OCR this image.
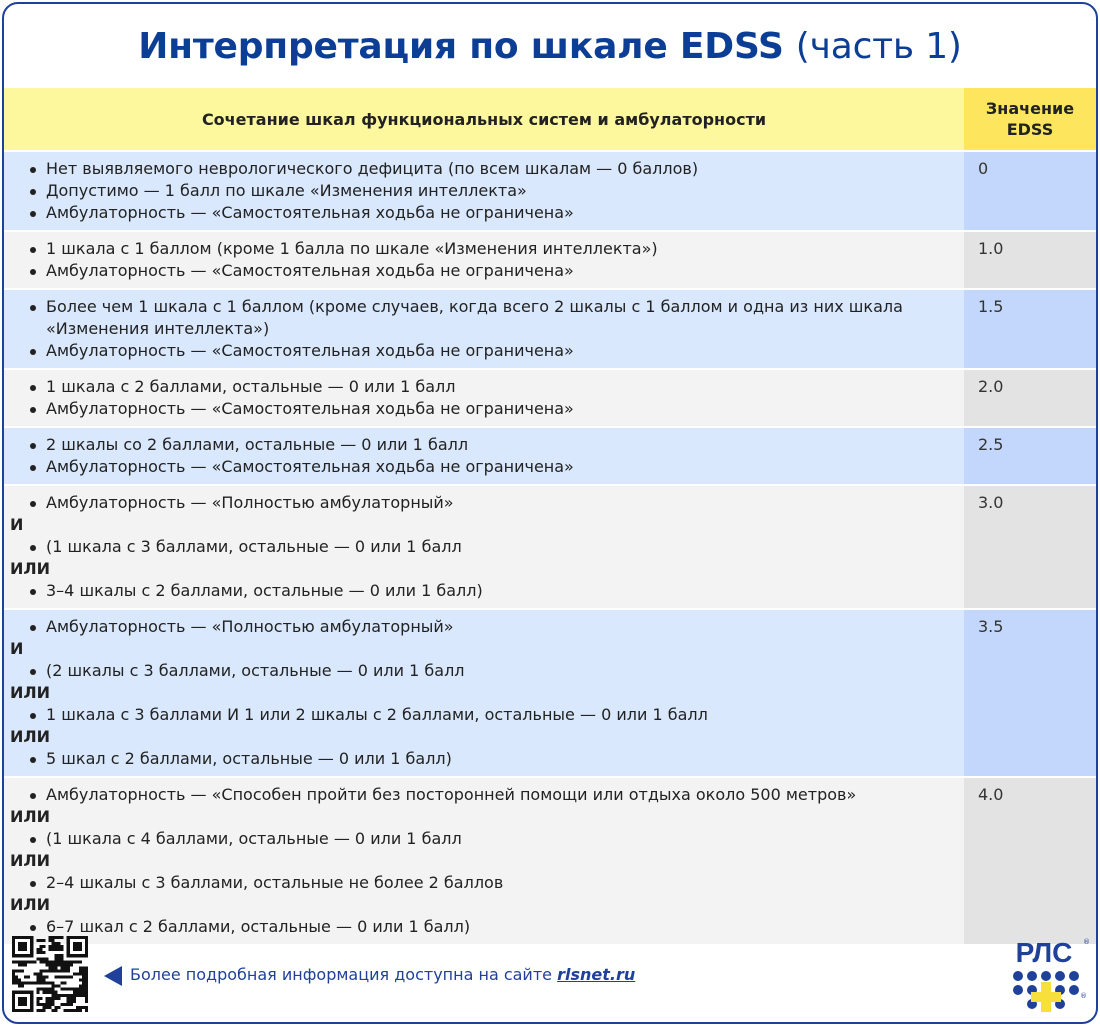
Интерпретация по шкале EDSS (часть 1)
Сочетание шкал функциональных систем и амбулаторности
Значение EDSS
Нет выявляемого неврологического дефицита (по всем шкалам — 0 баллов)
Допустимо — 1 балл по шкале «Изменения интеллекта»
Амбулаторность — «Самостоятельная ходьба не ограничена»
0
1 шкала с 1 баллом (кроме 1 балла по шкале «Изменения интеллекта»)
Амбулаторность — «Самостоятельная ходьба не ограничена»
1.0
Более чем 1 шкала с 1 баллом (кроме случаев, когда всего 2 шкалы с 1 баллом и одна из них шкала «Изменения интеллекта»)
Амбулаторность — «Самостоятельная ходьба не ограничена»
1.5
1 шкала с 2 баллами, остальные — 0 или 1 балл
Амбулаторность — «Самостоятельная ходьба не ограничена»
2.0
2 шкалы со 2 баллами, остальные — 0 или 1 балл
Амбулаторность — «Самостоятельная ходьба не ограничена»
2.5
Амбулаторность — «Полностью амбулаторный»
И
(1 шкала с 3 баллами, остальные — 0 или 1 балл
ИЛИ
3–4 шкалы с 2 баллами, остальные — 0 или 1 балл)
3.0
Амбулаторность — «Полностью амбулаторный»
И
(2 шкалы с 3 баллами, остальные — 0 или 1 балл
ИЛИ
1 шкала с 3 баллами И 1 или 2 шкалы с 2 баллами, остальные — 0 или 1 балл
ИЛИ
5 шкал с 2 баллами, остальные — 0 или 1 балл)
3.5
Амбулаторность — «Способен пройти без посторонней помощи или отдыха около 500 метров»
ИЛИ
(1 шкала с 4 баллами, остальные — 0 или 1 балл
ИЛИ
2–4 шкалы с 3 баллами, остальные не более 2 баллов
ИЛИ
6–7 шкал с 2 баллами, остальные — 0 или 1 балл)
4.0
Более подробная информация доступна на сайте rlsnet.ru
РЛС ®
®
